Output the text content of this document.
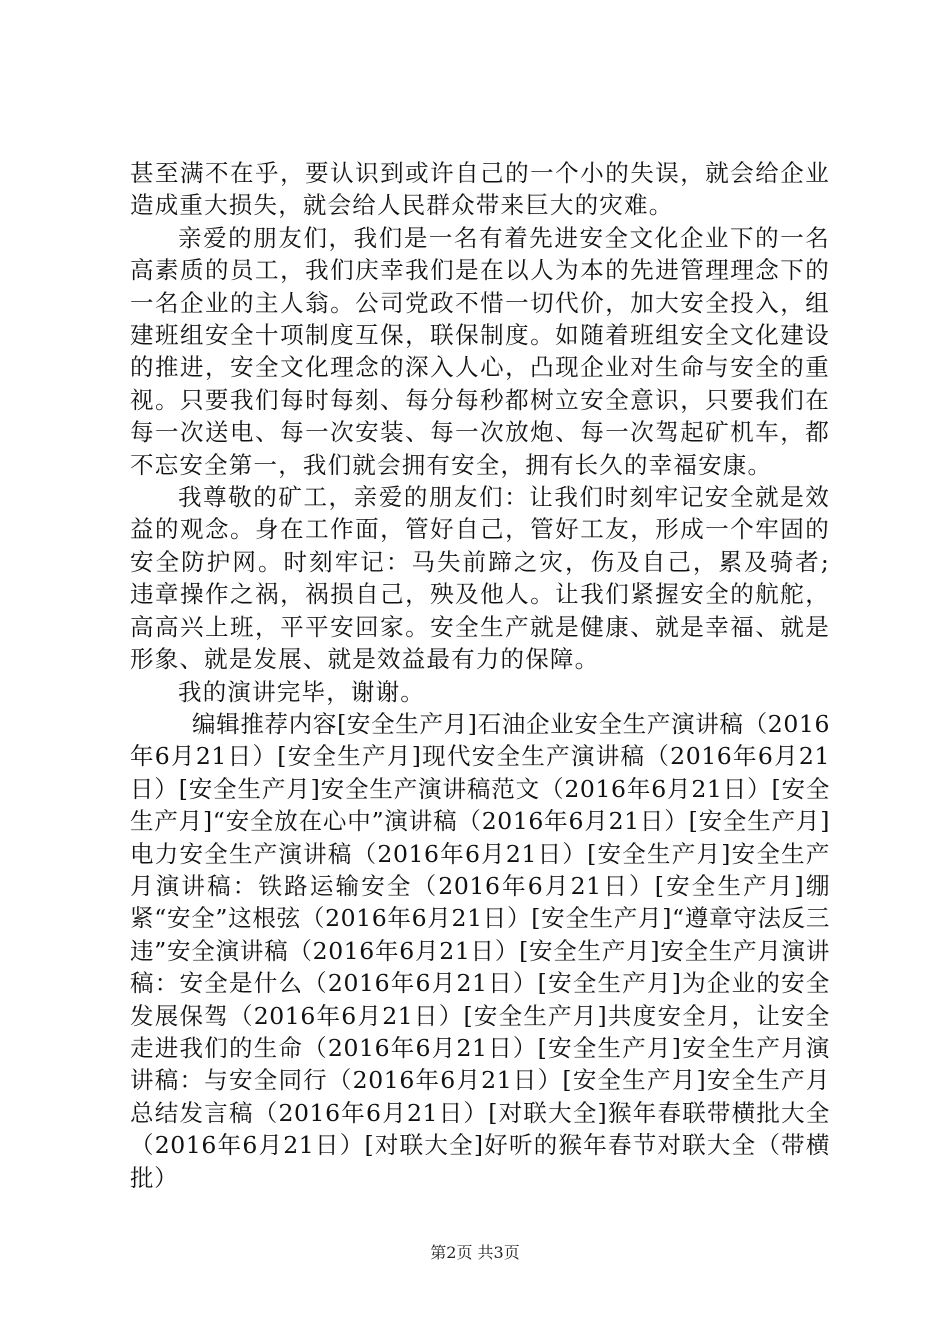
甚至满不在乎，要认识到或许自己的一个小的失误，就会给企业造成重大损失，就会给人民群众带来巨大的灾难。

亲爱的朋友们，我们是一名有着先进安全文化企业下的一名高素质的员工，我们庆幸我们是在以人为本的先进管理理念下的一名企业的主人翁。公司党政不惜一切代价，加大安全投入，组建班组安全十项制度互保，联保制度。如随着班组安全文化建设的推进，安全文化理念的深入人心，凸现企业对生命与安全的重视。只要我们每时每刻、每分每秒都树立安全意识，只要我们在每一次送电、每一次安装、每一次放炮、每一次驾起矿机车，都不忘安全第一，我们就会拥有安全，拥有长久的幸福安康。

我尊敬的矿工，亲爱的朋友们：让我们时刻牢记安全就是效益的观念。身在工作面，管好自己，管好工友，形成一个牢固的安全防护网。时刻牢记：马失前蹄之灾，伤及自己，累及骑者;违章操作之祸，祸损自己，殃及他人。让我们紧握安全的航舵，高高兴上班，平平安回家。安全生产就是健康、就是幸福、就是形象、就是发展、就是效益最有力的保障。

我的演讲完毕，谢谢。

编辑推荐内容[安全生产月]石油企业安全生产演讲稿（2016年6月21日）[安全生产月]现代安全生产演讲稿（2016年6月21日）[安全生产月]安全生产演讲稿范文（2016年6月21日）[安全生产月]“安全放在心中”演讲稿（2016年6月21日）[安全生产月]电力安全生产演讲稿（2016年6月21日）[安全生产月]安全生产月演讲稿：铁路运输安全（2016年6月21日）[安全生产月]绷紧“安全”这根弦（2016年6月21日）[安全生产月]“遵章守法反三违”安全演讲稿（2016年6月21日）[安全生产月]安全生产月演讲稿：安全是什么（2016年6月21日）[安全生产月]为企业的安全发展保驾（2016年6月21日）[安全生产月]共度安全月，让安全走进我们的生命（2016年6月21日）[安全生产月]安全生产月演讲稿：与安全同行（2016年6月21日）[安全生产月]安全生产月总结发言稿（2016年6月21日）[对联大全]猴年春联带横批大全（2016年6月21日）[对联大全]好听的猴年春节对联大全（带横批）

第2页 共3页
